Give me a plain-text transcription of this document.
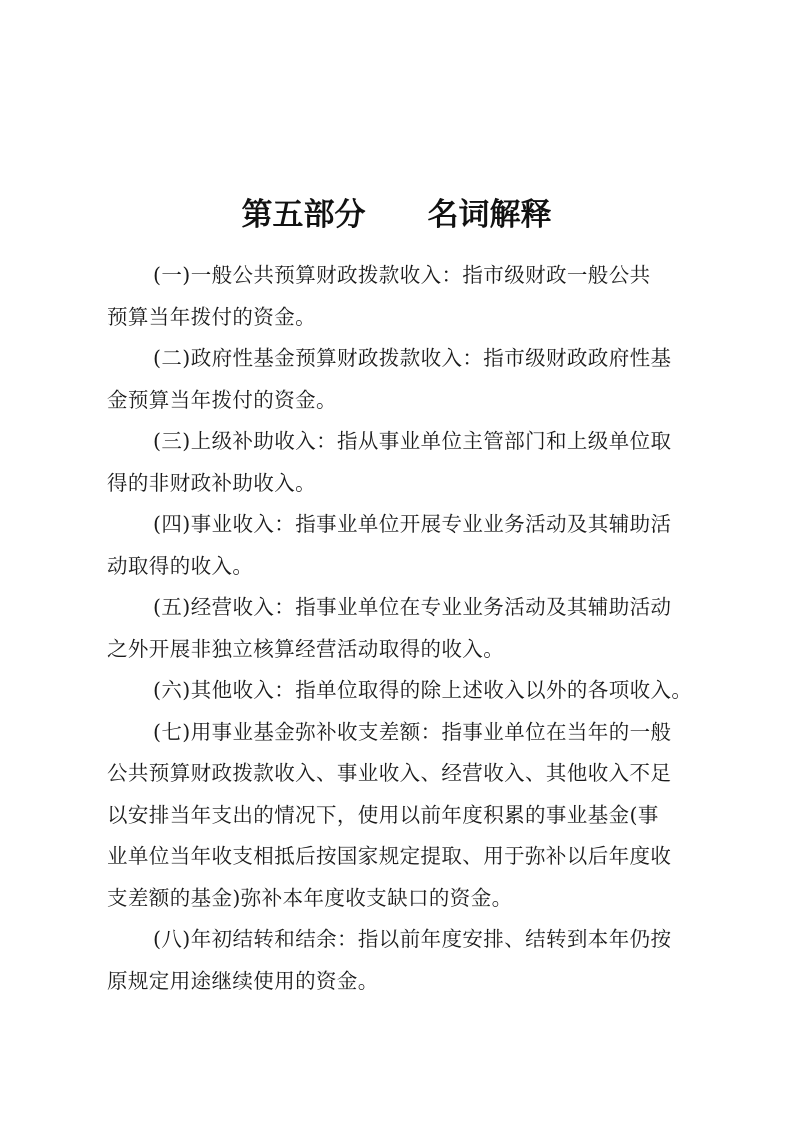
第五部分　　名词解释
(一)一般公共预算财政拨款收入：指市级财政一般公共
预算当年拨付的资金。
(二)政府性基金预算财政拨款收入：指市级财政政府性基
金预算当年拨付的资金。
(三)上级补助收入：指从事业单位主管部门和上级单位取
得的非财政补助收入。
(四)事业收入：指事业单位开展专业业务活动及其辅助活
动取得的收入。
(五)经营收入：指事业单位在专业业务活动及其辅助活动
之外开展非独立核算经营活动取得的收入。
(六)其他收入：指单位取得的除上述收入以外的各项收入。
(七)用事业基金弥补收支差额：指事业单位在当年的一般
公共预算财政拨款收入、事业收入、经营收入、其他收入不足
以安排当年支出的情况下，使用以前年度积累的事业基金(事
业单位当年收支相抵后按国家规定提取、用于弥补以后年度收
支差额的基金)弥补本年度收支缺口的资金。
(八)年初结转和结余：指以前年度安排、结转到本年仍按
原规定用途继续使用的资金。
